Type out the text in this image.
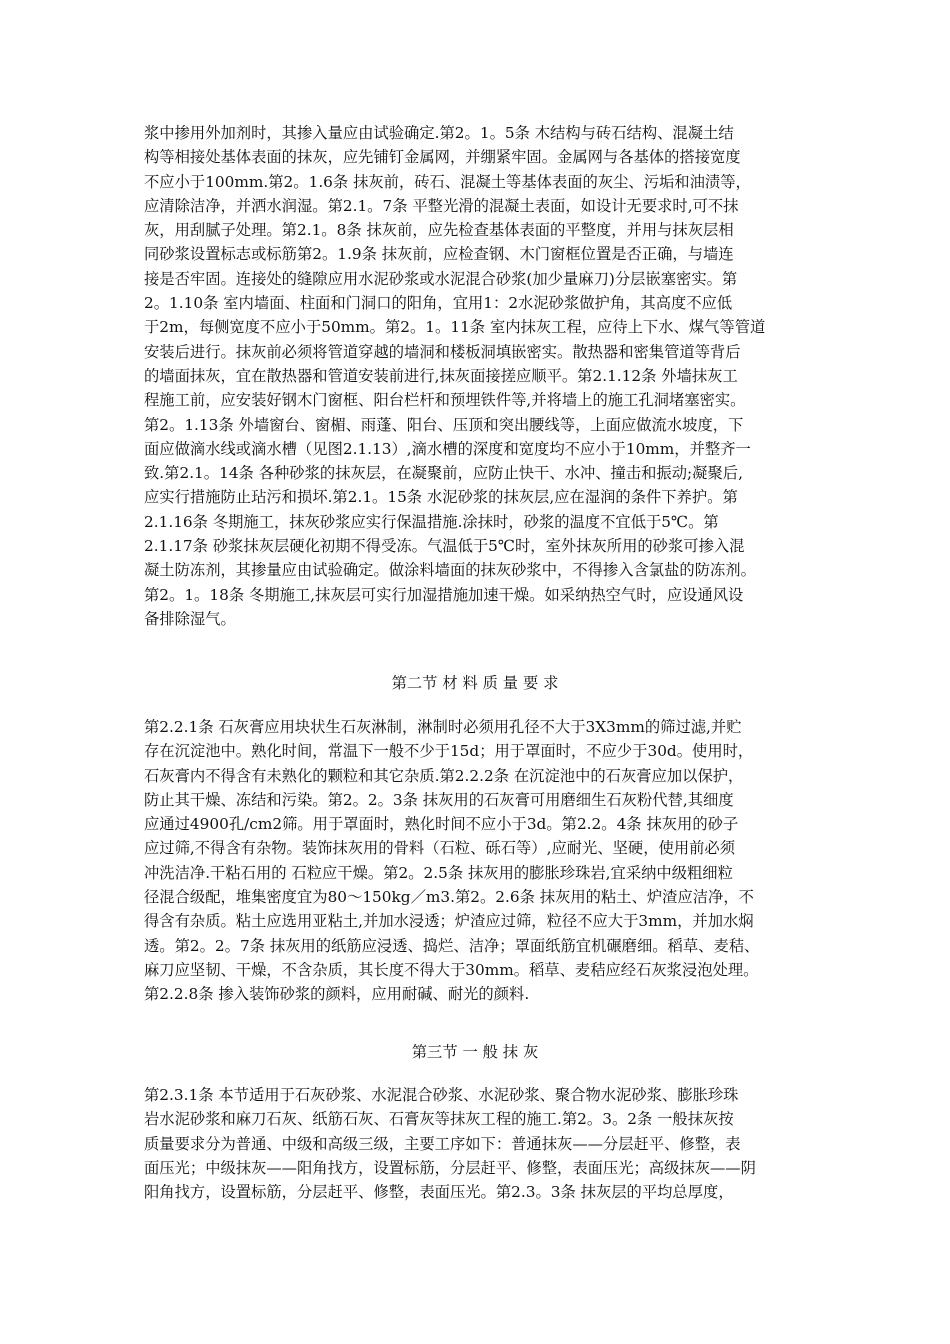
浆中掺用外加剂时，其掺入量应由试验确定.第2。1。5条 木结构与砖石结构、混凝土结
构等相接处基体表面的抹灰，应先铺钉金属网，并绷紧牢固。金属网与各基体的搭接宽度
不应小于100mm.第2。1.6条 抹灰前，砖石、混凝土等基体表面的灰尘、污垢和油渍等，
应清除洁净，并洒水润湿。第2.1。7条 平整光滑的混凝土表面，如设计无要求时,可不抹
灰，用刮腻子处理。第2.1。8条 抹灰前，应先检查基体表面的平整度，并用与抹灰层相
同砂浆设置标志或标筋第2。1.9条 抹灰前，应检查钢、木门窗框位置是否正确，与墙连
接是否牢固。连接处的缝隙应用水泥砂浆或水泥混合砂浆(加少量麻刀)分层嵌塞密实。第
2。1.10条 室内墙面、柱面和门洞口的阳角，宜用1：2水泥砂浆做护角，其高度不应低
于2m，每侧宽度不应小于50mm。第2。1。11条 室内抹灰工程，应待上下水、煤气等管道
安装后进行。抹灰前必须将管道穿越的墙洞和楼板洞填嵌密实。散热器和密集管道等背后
的墙面抹灰，宜在散热器和管道安装前进行,抹灰面接搓应顺平。第2.1.12条 外墙抹灰工
程施工前，应安装好钢木门窗框、阳台栏杆和预埋铁件等,并将墙上的施工孔洞堵塞密实。
第2。1.13条 外墙窗台、窗楣、雨蓬、阳台、压顶和突出腰线等，上面应做流水坡度，下
面应做滴水线或滴水槽（见图2.1.13）,滴水槽的深度和宽度均不应小于10mm，并整齐一
致.第2.1。14条 各种砂浆的抹灰层，在凝聚前，应防止快干、水冲、撞击和振动;凝聚后,
应实行措施防止玷污和损坏.第2.1。15条 水泥砂浆的抹灰层,应在湿润的条件下养护。第
2.1.16条 冬期施工，抹灰砂浆应实行保温措施.涂抹时，砂浆的温度不宜低于5℃。第
2.1.17条 砂浆抹灰层硬化初期不得受冻。气温低于5℃时，室外抹灰所用的砂浆可掺入混
凝土防冻剂，其掺量应由试验确定。做涂料墙面的抹灰砂浆中，不得掺入含氯盐的防冻剂。
第2。1。18条 冬期施工,抹灰层可实行加湿措施加速干燥。如采纳热空气时，应设通风设
备排除湿气。
第二节 材 料 质 量 要 求
第2.2.1条 石灰膏应用块状生石灰淋制，淋制时必须用孔径不大于3X3mm的筛过滤,并贮
存在沉淀池中。熟化时间，常温下一般不少于15d；用于罩面时，不应少于30d。使用时，
石灰膏内不得含有未熟化的颗粒和其它杂质.第2.2.2条 在沉淀池中的石灰膏应加以保护，
防止其干燥、冻结和污染。第2。2。3条 抹灰用的石灰膏可用磨细生石灰粉代替,其细度
应通过4900孔/cm2筛。用于罩面时，熟化时间不应小于3d。第2.2。4条 抹灰用的砂子
应过筛,不得含有杂物。装饰抹灰用的骨料（石粒、砾石等）,应耐光、坚硬，使用前必须
冲洗洁净.干粘石用的 石粒应干燥。第2。2.5条 抹灰用的膨胀珍珠岩,宜采纳中级粗细粒
径混合级配，堆集密度宜为80～150kg／m3.第2。2.6条 抹灰用的粘土、炉渣应洁净，不
得含有杂质。粘土应选用亚粘土,并加水浸透；炉渣应过筛，粒径不应大于3mm，并加水焖
透。第2。2。7条 抹灰用的纸筋应浸透、捣烂、洁净；罩面纸筋宜机碾磨细。稻草、麦秸、
麻刀应坚韧、干燥，不含杂质，其长度不得大于30mm。稻草、麦秸应经石灰浆浸泡处理。
第2.2.8条 掺入装饰砂浆的颜料，应用耐碱、耐光的颜料.
第三节 一 般 抹 灰
第2.3.1条 本节适用于石灰砂浆、水泥混合砂浆、水泥砂浆、聚合物水泥砂浆、膨胀珍珠
岩水泥砂浆和麻刀石灰、纸筋石灰、石膏灰等抹灰工程的施工.第2。3。2条 一般抹灰按
质量要求分为普通、中级和高级三级，主要工序如下：普通抹灰——分层赶平、修整，表
面压光；中级抹灰——阳角找方，设置标筋，分层赶平、修整，表面压光；高级抹灰——阴
阳角找方，设置标筋，分层赶平、修整，表面压光。第2.3。3条 抹灰层的平均总厚度，
